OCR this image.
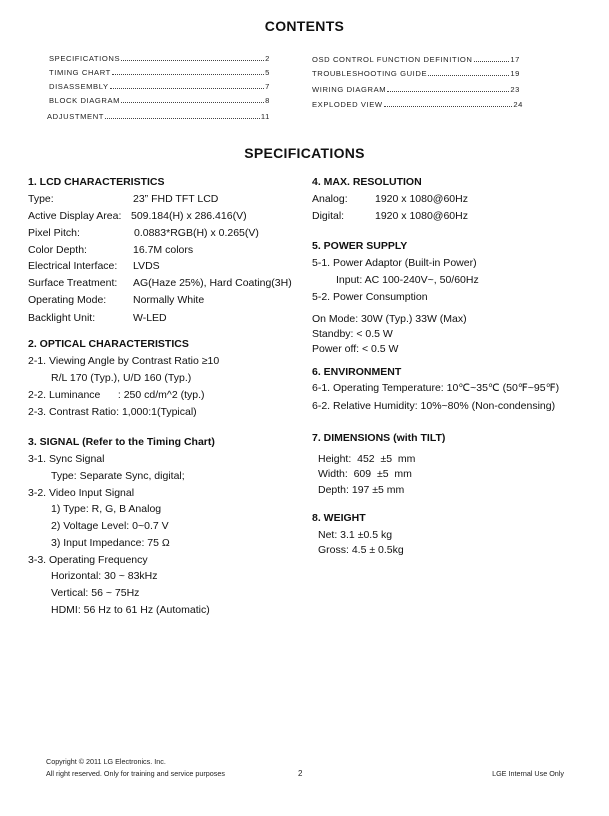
CONTENTS
SPECIFICATIONS	2
TIMING CHART	5
DISASSEMBLY	7
BLOCK DIAGRAM	8
ADJUSTMENT	11
OSD CONTROL FUNCTION DEFINITION	17
TROUBLESHOOTING GUIDE	19
WIRING DIAGRAM	23
EXPLODED VIEW	24
SPECIFICATIONS
1. LCD CHARACTERISTICS
Type:	23” FHD TFT LCD
Active Display Area: 509.184(H) x 286.416(V)
Pixel Pitch:	0.0883*RGB(H) x 0.265(V)
Color Depth:	16.7M colors
Electrical Interface:	LVDS
Surface Treatment:	AG(Haze 25%), Hard Coating(3H)
Operating Mode:	Normally White
Backlight Unit:	W-LED
2. OPTICAL CHARACTERISTICS
2-1. Viewing Angle by Contrast Ratio ≥10
R/L 170 (Typ.), U/D 160 (Typ.)
2-2. Luminance      : 250 cd/m^2 (typ.)
2-3. Contrast Ratio: 1,000:1(Typical)
3. SIGNAL (Refer to the Timing Chart)
3-1. Sync Signal
Type: Separate Sync, digital;
3-2. Video Input Signal
1) Type: R, G, B Analog
2) Voltage Level: 0~0.7 V
3) Input Impedance: 75 Ω
3-3. Operating Frequency
Horizontal: 30 ~ 83kHz
Vertical: 56 ~ 75Hz
HDMI: 56 Hz to 61 Hz (Automatic)
4. MAX. RESOLUTION
Analog:	1920 x 1080@60Hz
Digital:	1920 x 1080@60Hz
5. POWER SUPPLY
5-1. Power Adaptor (Built-in Power)
Input: AC 100-240V~, 50/60Hz
5-2. Power Consumption
On Mode: 30W (Typ.) 33W (Max)
Standby: < 0.5 W
Power off: < 0.5 W
6. ENVIRONMENT
6-1. Operating Temperature: 10℃~35℃ (50℉~95℉)
6-2. Relative Humidity: 10%~80% (Non-condensing)
7. DIMENSIONS (with TILT)
Height:  452  ±5  mm
Width:  609  ±5  mm
Depth: 197 ±5 mm
8. WEIGHT
Net: 3.1 ±0.5 kg
Gross: 4.5 ± 0.5kg
Copyright © 2011 LG Electronics. Inc.
All right reserved. Only for training and service purposes	2	LGE Internal Use Only
